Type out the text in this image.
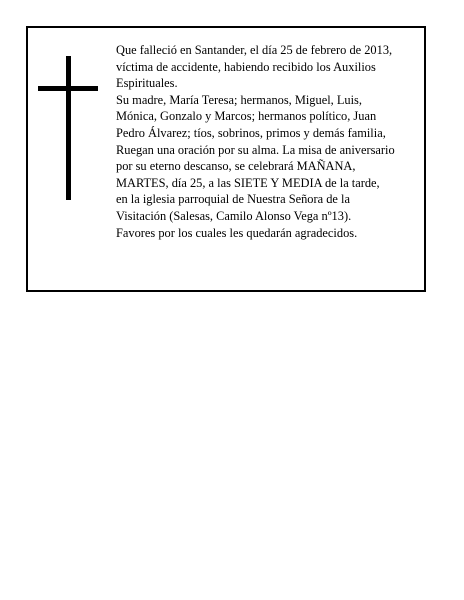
Que falleció en Santander, el día 25 de febrero de 2013,
víctima de accidente, habiendo recibido los Auxilios
Espirituales.
Su madre, María Teresa; hermanos, Miguel, Luis,
Mónica, Gonzalo y Marcos; hermanos político, Juan
Pedro Álvarez; tíos, sobrinos, primos y demás familia,
Ruegan una oración por su alma. La misa de aniversario
por su eterno descanso, se celebrará MAÑANA,
MARTES, día 25, a las SIETE Y MEDIA de la tarde,
en la iglesia parroquial de Nuestra Señora de la
Visitación (Salesas, Camilo Alonso Vega nº13).
Favores por los cuales les quedarán agradecidos.
